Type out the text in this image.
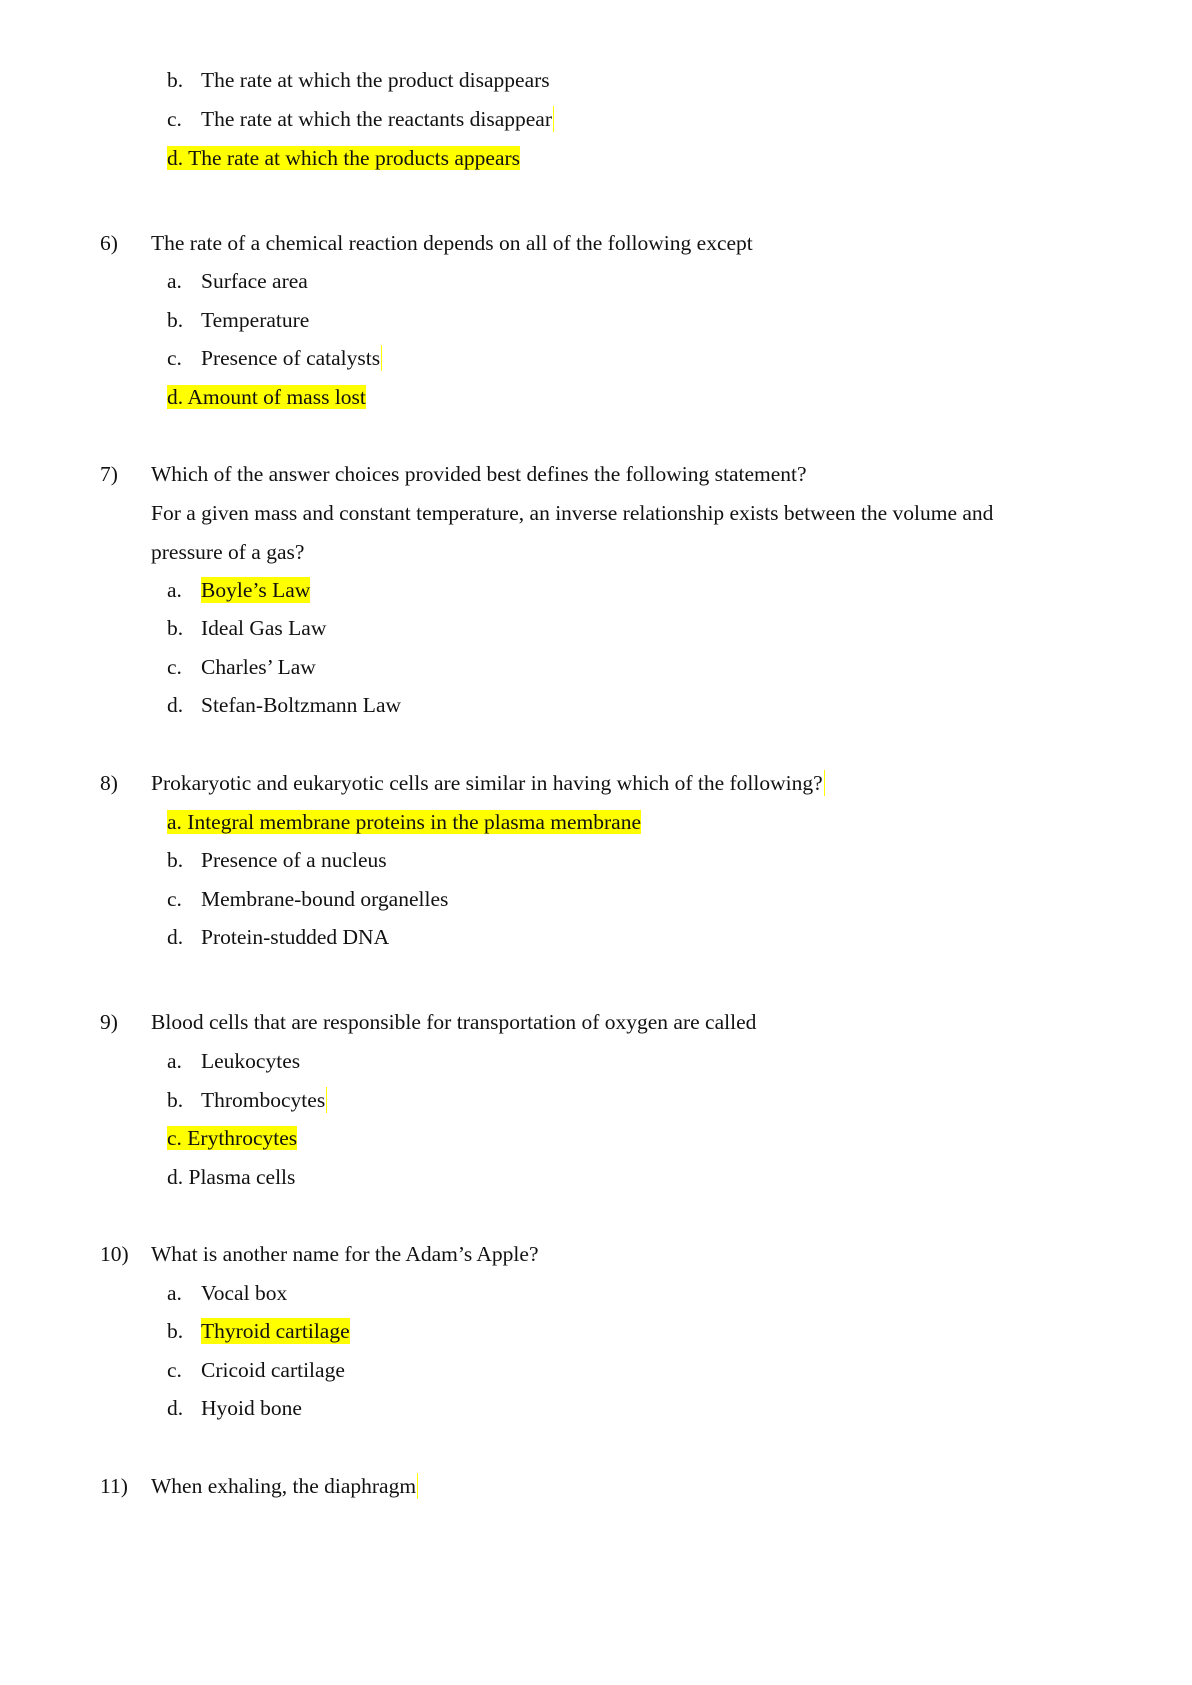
b. The rate at which the product disappears
c. The rate at which the reactants disappear
d. The rate at which the products appears
6) The rate of a chemical reaction depends on all of the following except
a. Surface area
b. Temperature
c. Presence of catalysts
d. Amount of mass lost
7) Which of the answer choices provided best defines the following statement?
For a given mass and constant temperature, an inverse relationship exists between the volume and
pressure of a gas?
a. Boyle’s Law
b. Ideal Gas Law
c. Charles’ Law
d. Stefan-Boltzmann Law
8) Prokaryotic and eukaryotic cells are similar in having which of the following?
a. Integral membrane proteins in the plasma membrane
b. Presence of a nucleus
c. Membrane-bound organelles
d. Protein-studded DNA
9) Blood cells that are responsible for transportation of oxygen are called
a. Leukocytes
b. Thrombocytes
c. Erythrocytes
d. Plasma cells
10) What is another name for the Adam’s Apple?
a. Vocal box
b. Thyroid cartilage
c. Cricoid cartilage
d. Hyoid bone
11) When exhaling, the diaphragm
